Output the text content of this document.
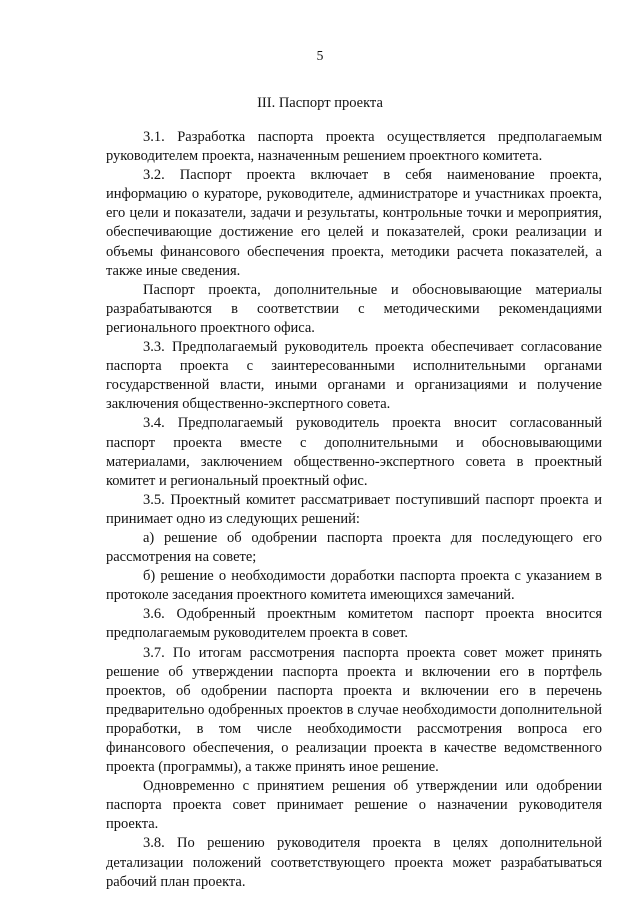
5
III. Паспорт проекта

3.1. Разработка паспорта проекта осуществляется предполагаемым руководителем проекта, назначенным решением проектного комитета.

3.2. Паспорт проекта включает в себя наименование проекта, информацию о кураторе, руководителе, администраторе и участниках проекта, его цели и показатели, задачи и результаты, контрольные точки и мероприятия, обеспечивающие достижение его целей и показателей, сроки реализации и объемы финансового обеспечения проекта, методики расчета показателей, а также иные сведения.

Паспорт проекта, дополнительные и обосновывающие материалы разрабатываются в соответствии с методическими рекомендациями регионального проектного офиса.

3.3. Предполагаемый руководитель проекта обеспечивает согласование паспорта проекта с заинтересованными исполнительными органами государственной власти, иными органами и организациями и получение заключения общественно-экспертного совета.

3.4. Предполагаемый руководитель проекта вносит согласованный паспорт проекта вместе с дополнительными и обосновывающими материалами, заключением общественно-экспертного совета в проектный комитет и региональный проектный офис.

3.5. Проектный комитет рассматривает поступивший паспорт проекта и принимает одно из следующих решений:

а) решение об одобрении паспорта проекта для последующего его рассмотрения на совете;

б) решение о необходимости доработки паспорта проекта с указанием в протоколе заседания проектного комитета имеющихся замечаний.

3.6. Одобренный проектным комитетом паспорт проекта вносится предполагаемым руководителем проекта в совет.

3.7. По итогам рассмотрения паспорта проекта совет может принять решение об утверждении паспорта проекта и включении его в портфель проектов, об одобрении паспорта проекта и включении его в перечень предварительно одобренных проектов в случае необходимости дополнительной проработки, в том числе необходимости рассмотрения вопроса его финансового обеспечения, о реализации проекта в качестве ведомственного проекта (программы), а также принять иное решение.

Одновременно с принятием решения об утверждении или одобрении паспорта проекта совет принимает решение о назначении руководителя проекта.

3.8. По решению руководителя проекта в целях дополнительной детализации положений соответствующего проекта может разрабатываться рабочий план проекта.
